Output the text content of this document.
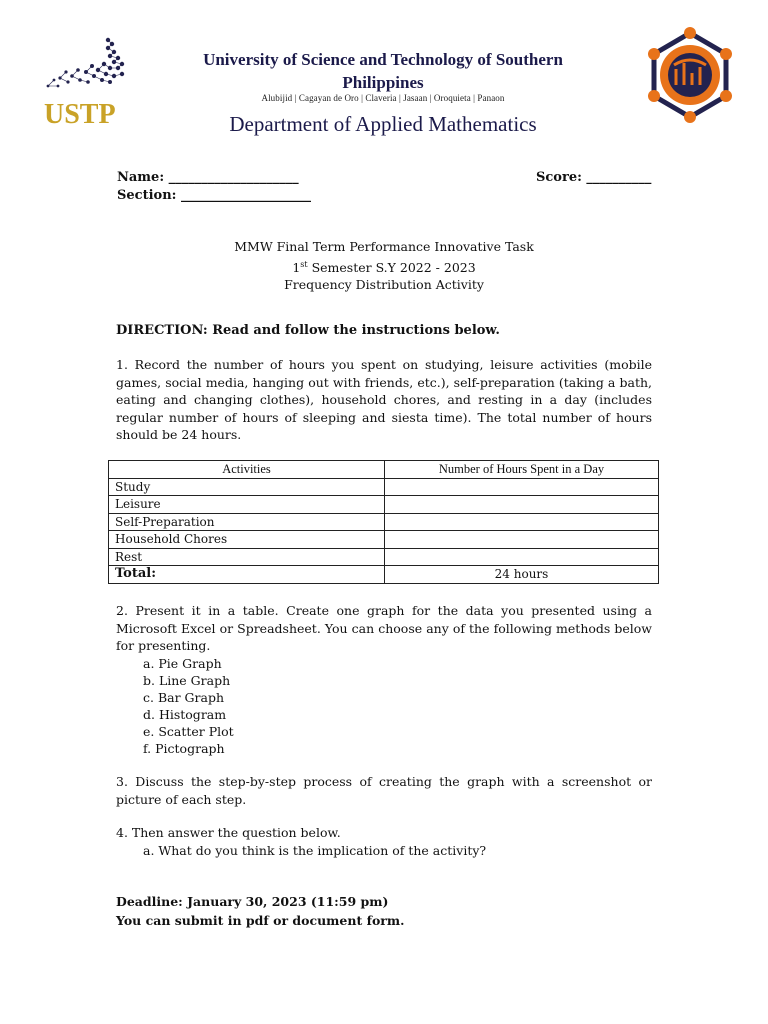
USTP
University of Science and Technology of Southern
Philippines
Alubijid | Cagayan de Oro | Claveria | Jasaan | Oroquieta | Panaon
Department of Applied Mathematics
Name: ____________________
Section: ____________________
Score: __________
MMW Final Term Performance Innovative Task
1st Semester S.Y 2022 - 2023
Frequency Distribution Activity
DIRECTION: Read and follow the instructions below.
1. Record the number of hours you spent on studying, leisure activities (mobile games, social media, hanging out with friends, etc.), self-preparation (taking a bath, eating and changing clothes), household chores, and resting in a day (includes regular number of hours of sleeping and siesta time). The total number of hours should be 24 hours.
Activities	Number of Hours Spent in a Day
Study	
Leisure	
Self-Preparation	
Household Chores	
Rest	
Total:	24 hours
2. Present it in a table. Create one graph for the data you presented using a Microsoft Excel or Spreadsheet. You can choose any of the following methods below for presenting.
a. Pie Graph
b. Line Graph
c. Bar Graph
d. Histogram
e. Scatter Plot
f. Pictograph
3. Discuss the step-by-step process of creating the graph with a screenshot or picture of each step.
4. Then answer the question below.
a. What do you think is the implication of the activity?
Deadline: January 30, 2023 (11:59 pm)
You can submit in pdf or document form.
